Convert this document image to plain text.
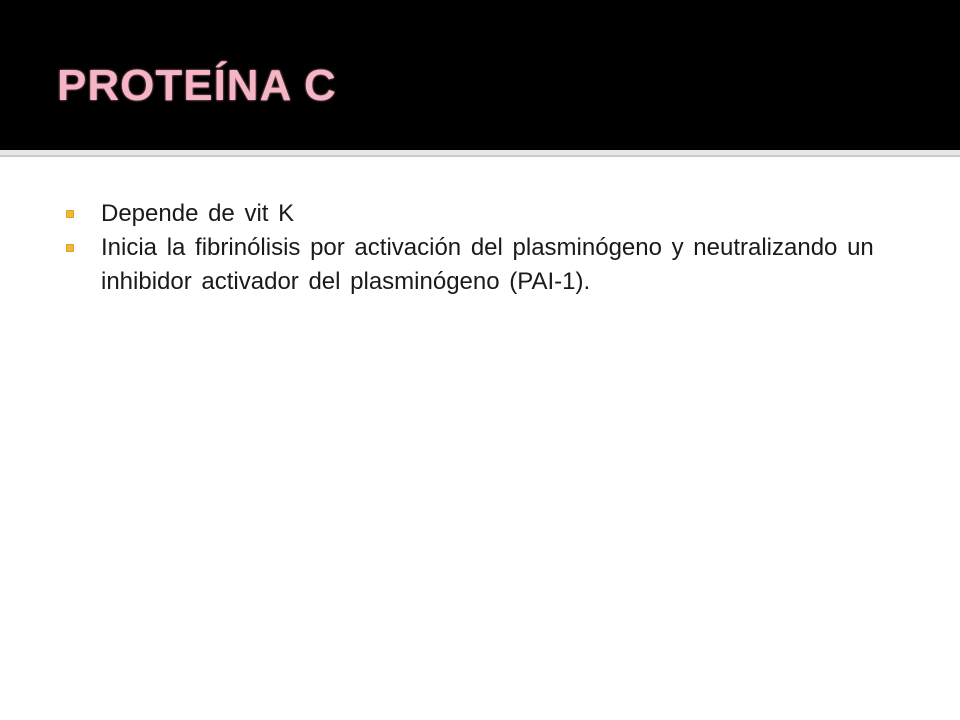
PROTEÍNA C
Depende de vit K
Inicia la fibrinólisis por activación del plasminógeno y neutralizando un inhibidor activador del plasminógeno (PAI-1).
